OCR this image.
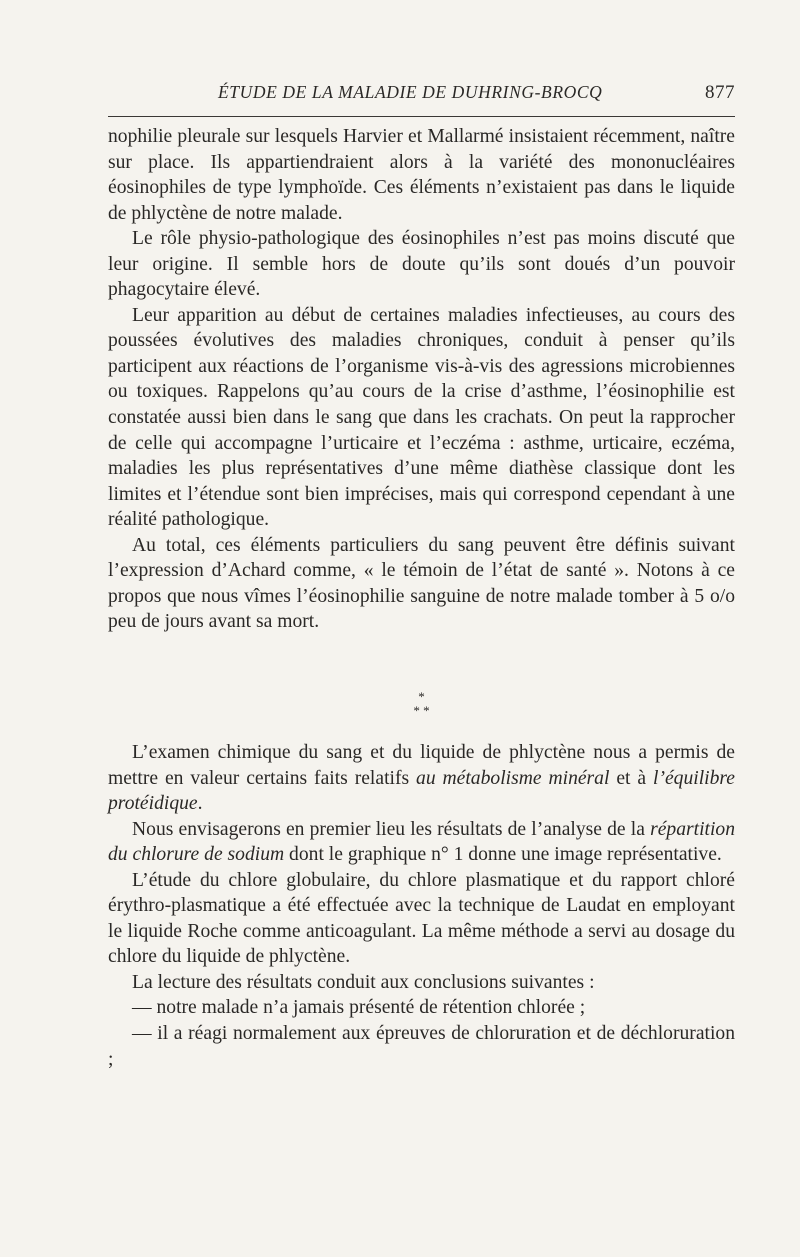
ÉTUDE DE LA MALADIE DE DUHRING-BROCQ	877

nophilie pleurale sur lesquels Harvier et Mallarmé insistaient récemment, naître sur place. Ils appartiendraient alors à la variété des mononucléaires éosinophiles de type lymphoïde. Ces éléments n’existaient pas dans le liquide de phlyctène de notre malade.

Le rôle physio-pathologique des éosinophiles n’est pas moins discuté que leur origine. Il semble hors de doute qu’ils sont doués d’un pouvoir phagocytaire élevé.

Leur apparition au début de certaines maladies infectieuses, au cours des poussées évolutives des maladies chroniques, conduit à penser qu’ils participent aux réactions de l’organisme vis-à-vis des agressions microbiennes ou toxiques. Rappelons qu’au cours de la crise d’asthme, l’éosinophilie est constatée aussi bien dans le sang que dans les crachats. On peut la rapprocher de celle qui accompagne l’urticaire et l’eczéma : asthme, urticaire, eczéma, maladies les plus représentatives d’une même diathèse classique dont les limites et l’étendue sont bien imprécises, mais qui correspond cependant à une réalité pathologique.

Au total, ces éléments particuliers du sang peuvent être définis suivant l’expression d’Achard comme, « le témoin de l’état de santé ». Notons à ce propos que nous vîmes l’éosinophilie sanguine de notre malade tomber à 5 o/o peu de jours avant sa mort.

*
* *

L’examen chimique du sang et du liquide de phlyctène nous a permis de mettre en valeur certains faits relatifs au métabolisme minéral et à l’équilibre protéidique.

Nous envisagerons en premier lieu les résultats de l’analyse de la répartition du chlorure de sodium dont le graphique n° 1 donne une image représentative.

L’étude du chlore globulaire, du chlore plasmatique et du rapport chloré érythro-plasmatique a été effectuée avec la technique de Laudat en employant le liquide Roche comme anticoagulant. La même méthode a servi au dosage du chlore du liquide de phlyctène.

La lecture des résultats conduit aux conclusions suivantes :

— notre malade n’a jamais présenté de rétention chlorée ;

— il a réagi normalement aux épreuves de chloruration et de déchloruration ;
